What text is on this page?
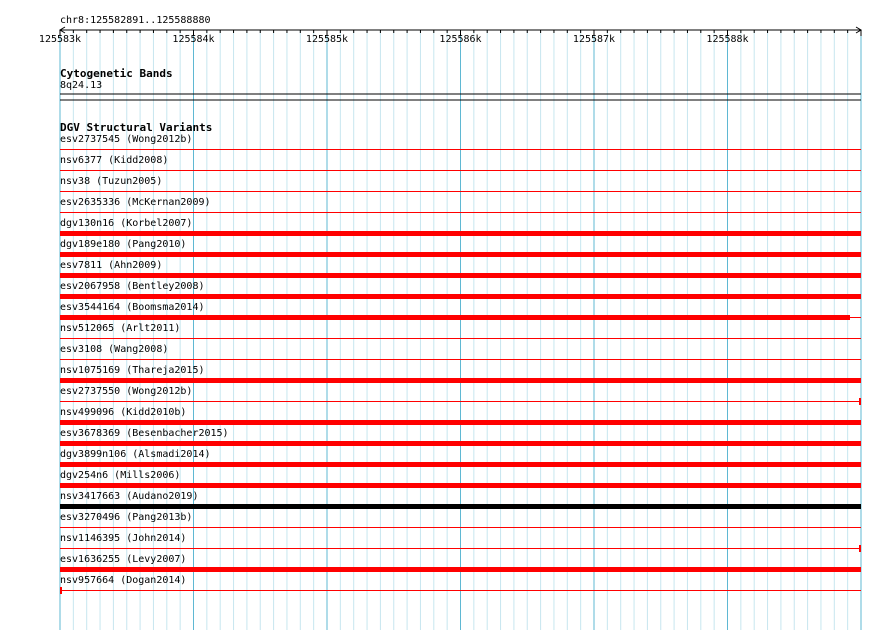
chr8:125582891..125588880
125583k	125584k	125585k	125586k	125587k	125588k
Cytogenetic Bands
8q24.13
DGV Structural Variants
esv2737545 (Wong2012b)
nsv6377 (Kidd2008)
nsv38 (Tuzun2005)
esv2635336 (McKernan2009)
dgv130n16 (Korbel2007)
dgv189e180 (Pang2010)
esv7811 (Ahn2009)
esv2067958 (Bentley2008)
esv3544164 (Boomsma2014)
nsv512065 (Arlt2011)
esv3108 (Wang2008)
nsv1075169 (Thareja2015)
esv2737550 (Wong2012b)
nsv499096 (Kidd2010b)
esv3678369 (Besenbacher2015)
dgv3899n106 (Alsmadi2014)
dgv254n6 (Mills2006)
nsv3417663 (Audano2019)
esv3270496 (Pang2013b)
nsv1146395 (John2014)
esv1636255 (Levy2007)
nsv957664 (Dogan2014)
